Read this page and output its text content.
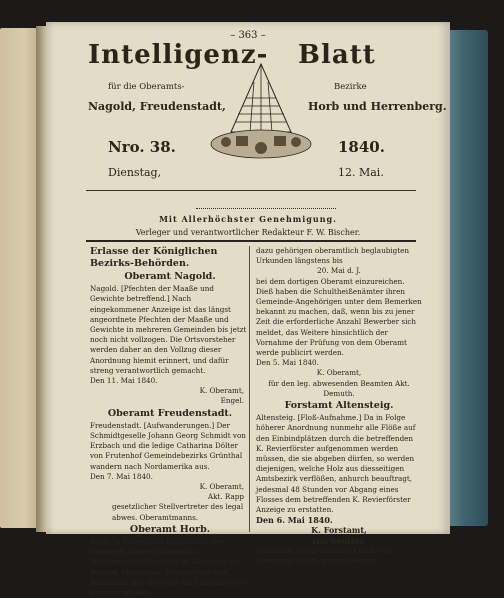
– 363 –
Intelligenz- Blatt
für die Oberamts-	Bezirke
Nagold, Freudenstadt,	Horb und Herrenberg.
Nro. 38.	1840.
Dienstag,	12. Mai.
Mit Allerhöchster Genehmigung.
Verleger und verantwortlicher Redakteur F. W. Bischer.

Erlasse der Königlichen Bezirks-Behörden.

Oberamt Nagold.

Nagold. [Pfechten der Maaße und Gewichte betreffend.] Nach eingekommener Anzeige ist das längst angeordnete Pfechten der Maaße und Gewichte in mehreren Gemeinden bis jetzt noch nicht vollzogen. Die Ortsvorsteher werden daher an den Vollzug dieser Anordnung hiemit erinnert, und dafür streng verantwortlich gemacht.

Den 11. Mai 1840.

K. Oberamt,

Engel.

Oberamt Freudenstadt.

Freudenstadt. [Aufwanderungen.] Der Schmidtgeselle Johann Georg Schmidt von Erzbach und die ledige Catharina Dölter von Frutenhof Gemeindebezirks Grünthal wandern nach Nordamerika aus.

Den 7. Mai 1840.

K. Oberamt,

Akt. Rapp

gesetzlicher Stellvertreter des legal abwes. Oberamtmanns.

Oberamt Horb.

Horb. In Folge einer Mittheilung des Oberamts Rottweil haben die Meisterrechts-Bewerber im Gewerbe der Maurer, Steinhauer, Zimmerleute und Mühlärzte ihre Gesuche um Zulassung zur Prüfung mit den

dazu gehörigen oberamtlich beglaubigten Urkunden längstens bis

20. Mai d. J.

bei dem dortigen Oberamt einzureichen. Dieß haben die Schultheißenämter ihren Gemeinde-Angehörigen unter dem Bemerken bekannt zu machen, daß, wenn bis zu jener Zeit die erforderliche Anzahl Bewerber sich meldet, das Weitere hinsichtlich der Vornahme der Prüfung von dem Oberamt werde publicirt werden.

Den 5. Mai 1840.

K. Oberamt,

für den leg. abwesenden Beamten Akt. Demuth.

Forstamt Altensteig.

Altensteig. [Floß-Aufnahme.] Da in Folge höherer Anordnung nunmehr alle Flöße auf den Einbindplätzen durch die betreffenden K. Revierförster aufgenommen werden müssen, die sie abgeben dürfen, so werden diejenigen, welche Holz aus diesseitigen Amtsbezirk verflößen, anhurch beauftragt, jedesmal 48 Stunden vor Abgang eines Flosses dem betreffenden K. Revierförster Anzeige zu erstatten.

Den 6. Mai 1840.

K. Forstamt,

von Seutter.

Altensteig. [Holz-Verkaufs.] Im Revier Altensteig finden an nachbenann-
